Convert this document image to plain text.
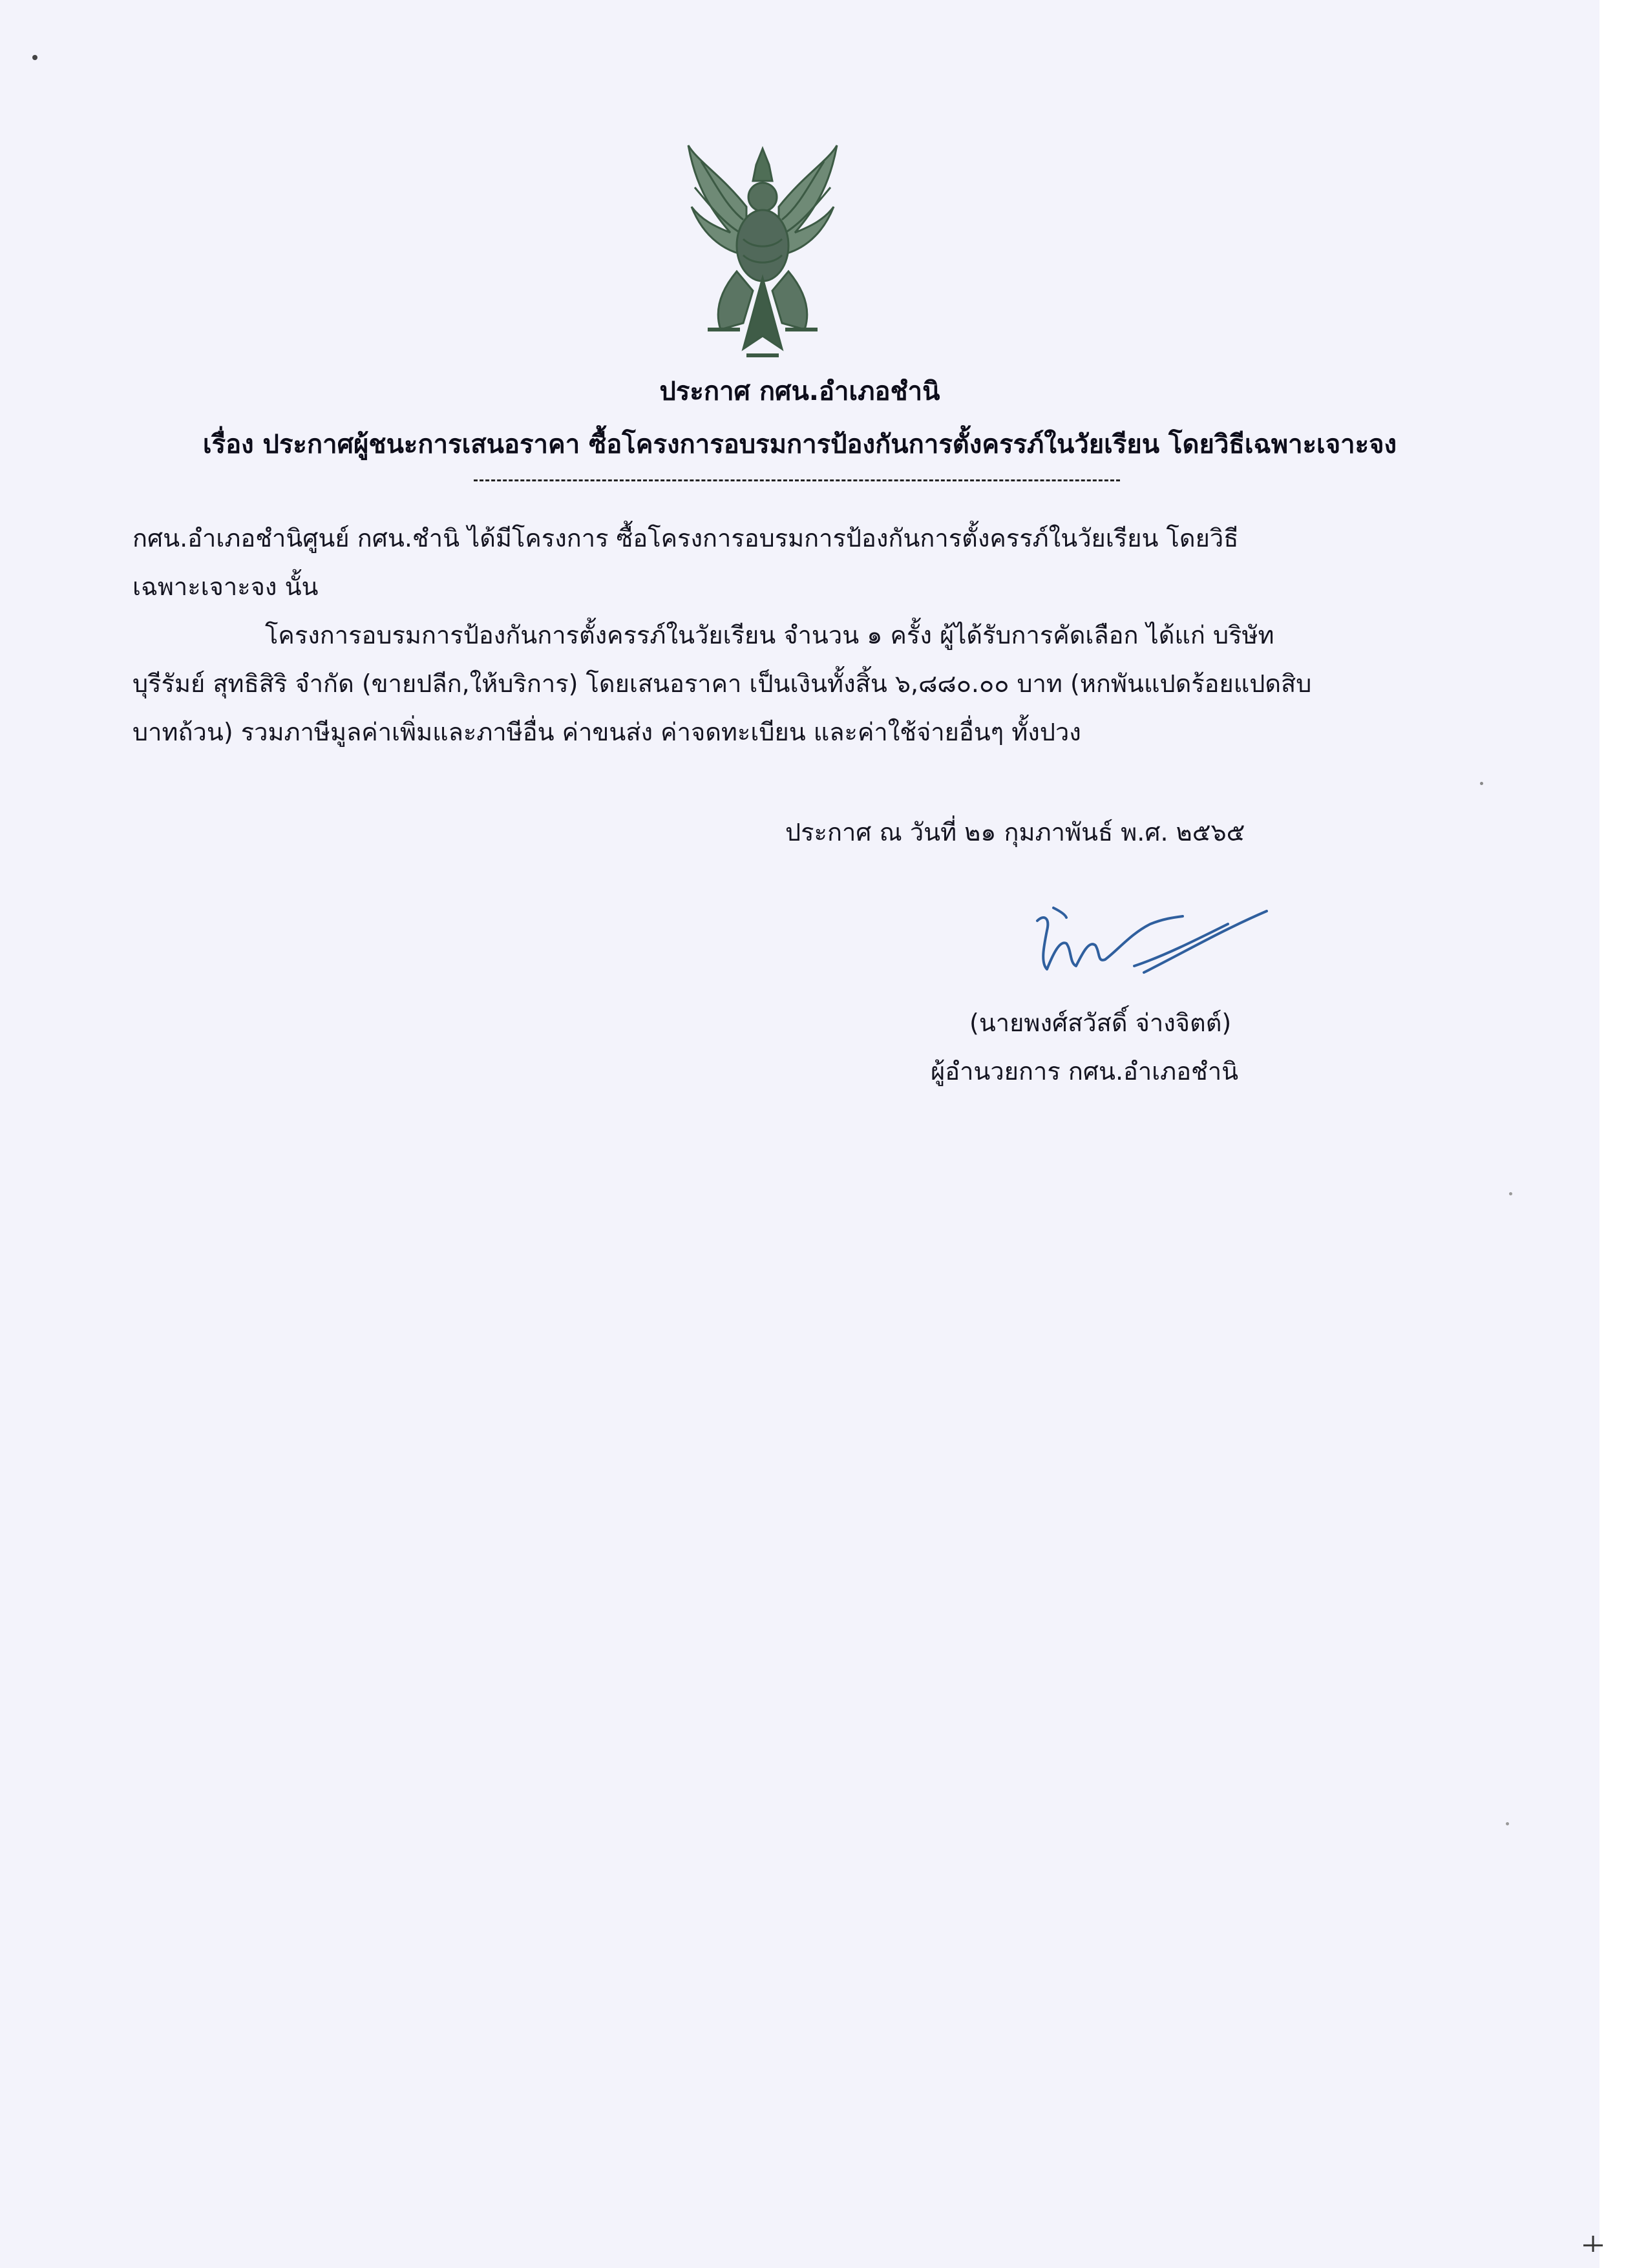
ประกาศ กศน.อำเภอชำนิ
เรื่อง ประกาศผู้ชนะการเสนอราคา ซื้อโครงการอบรมการป้องกันการตั้งครรภ์ในวัยเรียน โดยวิธีเฉพาะเจาะจง
กศน.อำเภอชำนิศูนย์ กศน.ชำนิ ได้มีโครงการ ซื้อโครงการอบรมการป้องกันการตั้งครรภ์ในวัยเรียน โดยวิธี
เฉพาะเจาะจง นั้น
โครงการอบรมการป้องกันการตั้งครรภ์ในวัยเรียน จำนวน ๑ ครั้ง ผู้ได้รับการคัดเลือก ได้แก่ บริษัท
บุรีรัมย์ สุทธิสิริ จำกัด (ขายปลีก,ให้บริการ) โดยเสนอราคา เป็นเงินทั้งสิ้น ๖,๘๘๐.๐๐ บาท (หกพันแปดร้อยแปดสิบ
บาทถ้วน) รวมภาษีมูลค่าเพิ่มและภาษีอื่น ค่าขนส่ง ค่าจดทะเบียน และค่าใช้จ่ายอื่นๆ ทั้งปวง
ประกาศ ณ วันที่ ๒๑ กุมภาพันธ์ พ.ศ. ๒๕๖๕
(นายพงศ์สวัสดิ์ จ่างจิตต์)
ผู้อำนวยการ กศน.อำเภอชำนิ
